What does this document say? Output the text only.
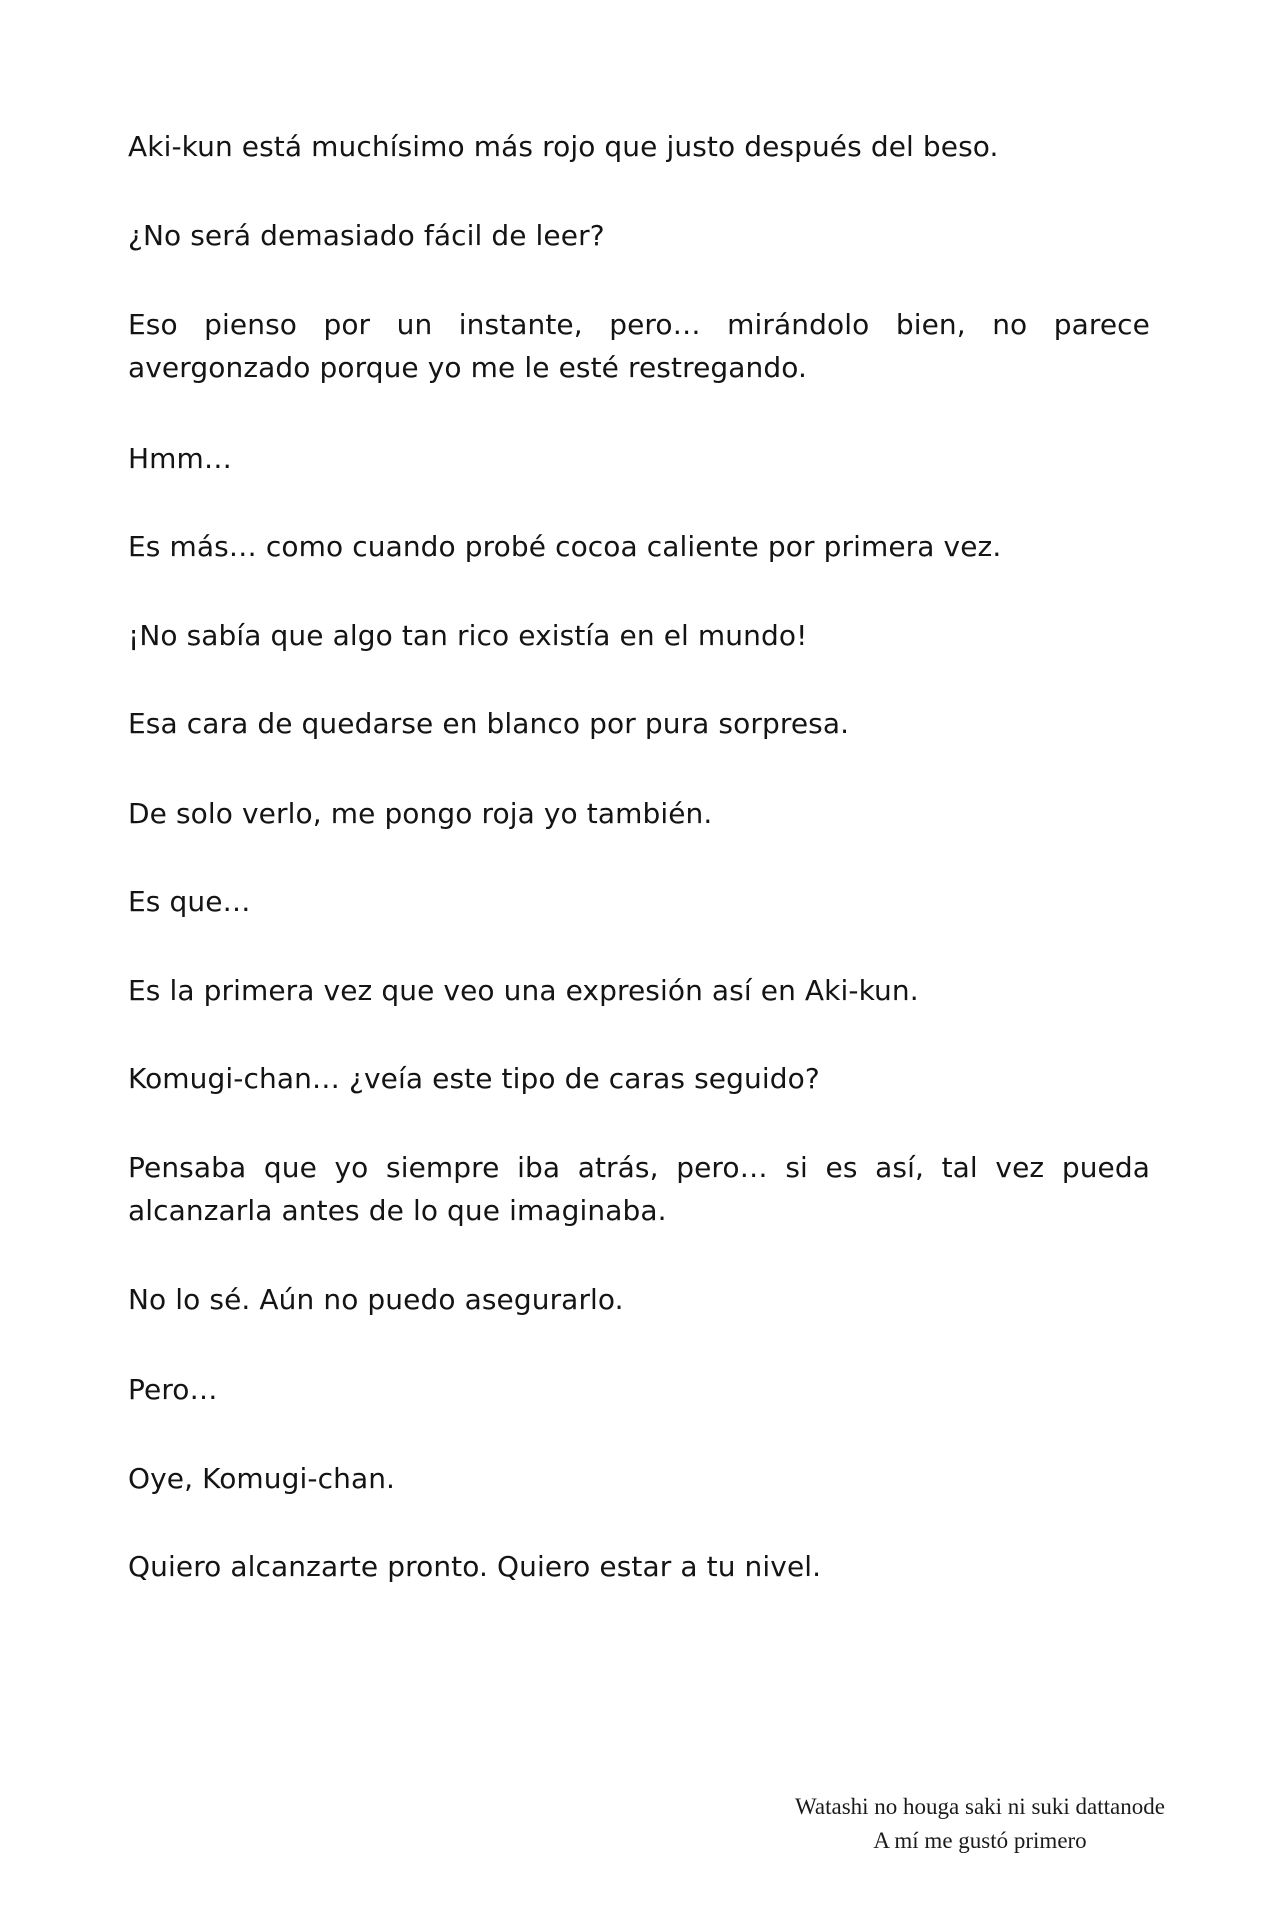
Aki-kun está muchísimo más rojo que justo después del beso.

¿No será demasiado fácil de leer?

Eso pienso por un instante, pero… mirándolo bien, no parece avergonzado porque yo me le esté restregando.

Hmm…

Es más… como cuando probé cocoa caliente por primera vez.

¡No sabía que algo tan rico existía en el mundo!

Esa cara de quedarse en blanco por pura sorpresa.

De solo verlo, me pongo roja yo también.

Es que…

Es la primera vez que veo una expresión así en Aki-kun.

Komugi-chan… ¿veía este tipo de caras seguido?

Pensaba que yo siempre iba atrás, pero… si es así, tal vez pueda alcanzarla antes de lo que imaginaba.

No lo sé. Aún no puedo asegurarlo.

Pero…

Oye, Komugi-chan.

Quiero alcanzarte pronto. Quiero estar a tu nivel.

Watashi no houga saki ni suki dattanode
A mí me gustó primero
